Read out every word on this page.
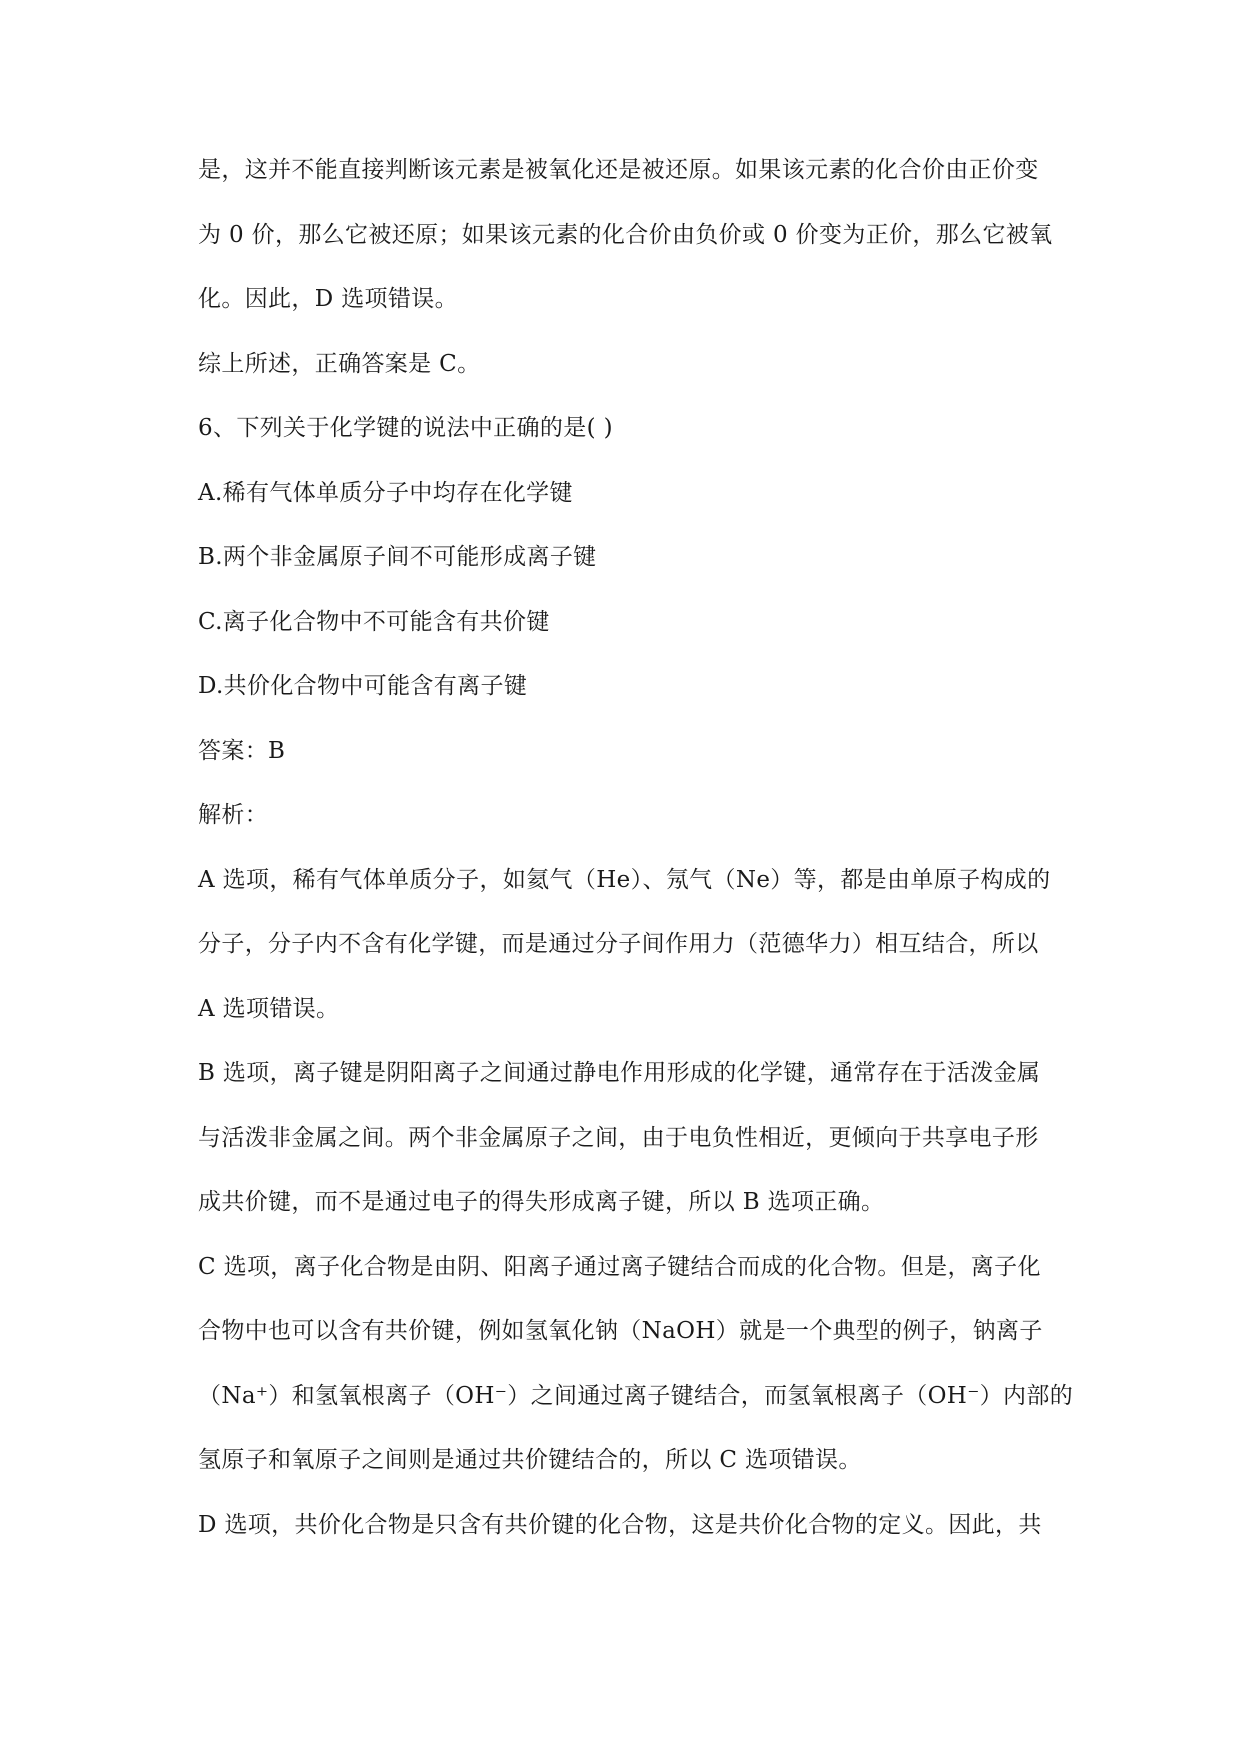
是，这并不能直接判断该元素是被氧化还是被还原。如果该元素的化合价由正价变
为 0 价，那么它被还原；如果该元素的化合价由负价或 0 价变为正价，那么它被氧
化。因此，D 选项错误。
综上所述，正确答案是 C。
6、下列关于化学键的说法中正确的是( )
A.稀有气体单质分子中均存在化学键
B.两个非金属原子间不可能形成离子键
C.离子化合物中不可能含有共价键
D.共价化合物中可能含有离子键
答案：B
解析：
A 选项，稀有气体单质分子，如氦气（He）、氖气（Ne）等，都是由单原子构成的
分子，分子内不含有化学键，而是通过分子间作用力（范德华力）相互结合，所以
A 选项错误。
B 选项，离子键是阴阳离子之间通过静电作用形成的化学键，通常存在于活泼金属
与活泼非金属之间。两个非金属原子之间，由于电负性相近，更倾向于共享电子形
成共价键，而不是通过电子的得失形成离子键，所以 B 选项正确。
C 选项，离子化合物是由阴、阳离子通过离子键结合而成的化合物。但是，离子化
合物中也可以含有共价键，例如氢氧化钠（NaOH）就是一个典型的例子，钠离子
（Na⁺）和氢氧根离子（OH⁻）之间通过离子键结合，而氢氧根离子（OH⁻）内部的
氢原子和氧原子之间则是通过共价键结合的，所以 C 选项错误。
D 选项，共价化合物是只含有共价键的化合物，这是共价化合物的定义。因此，共
